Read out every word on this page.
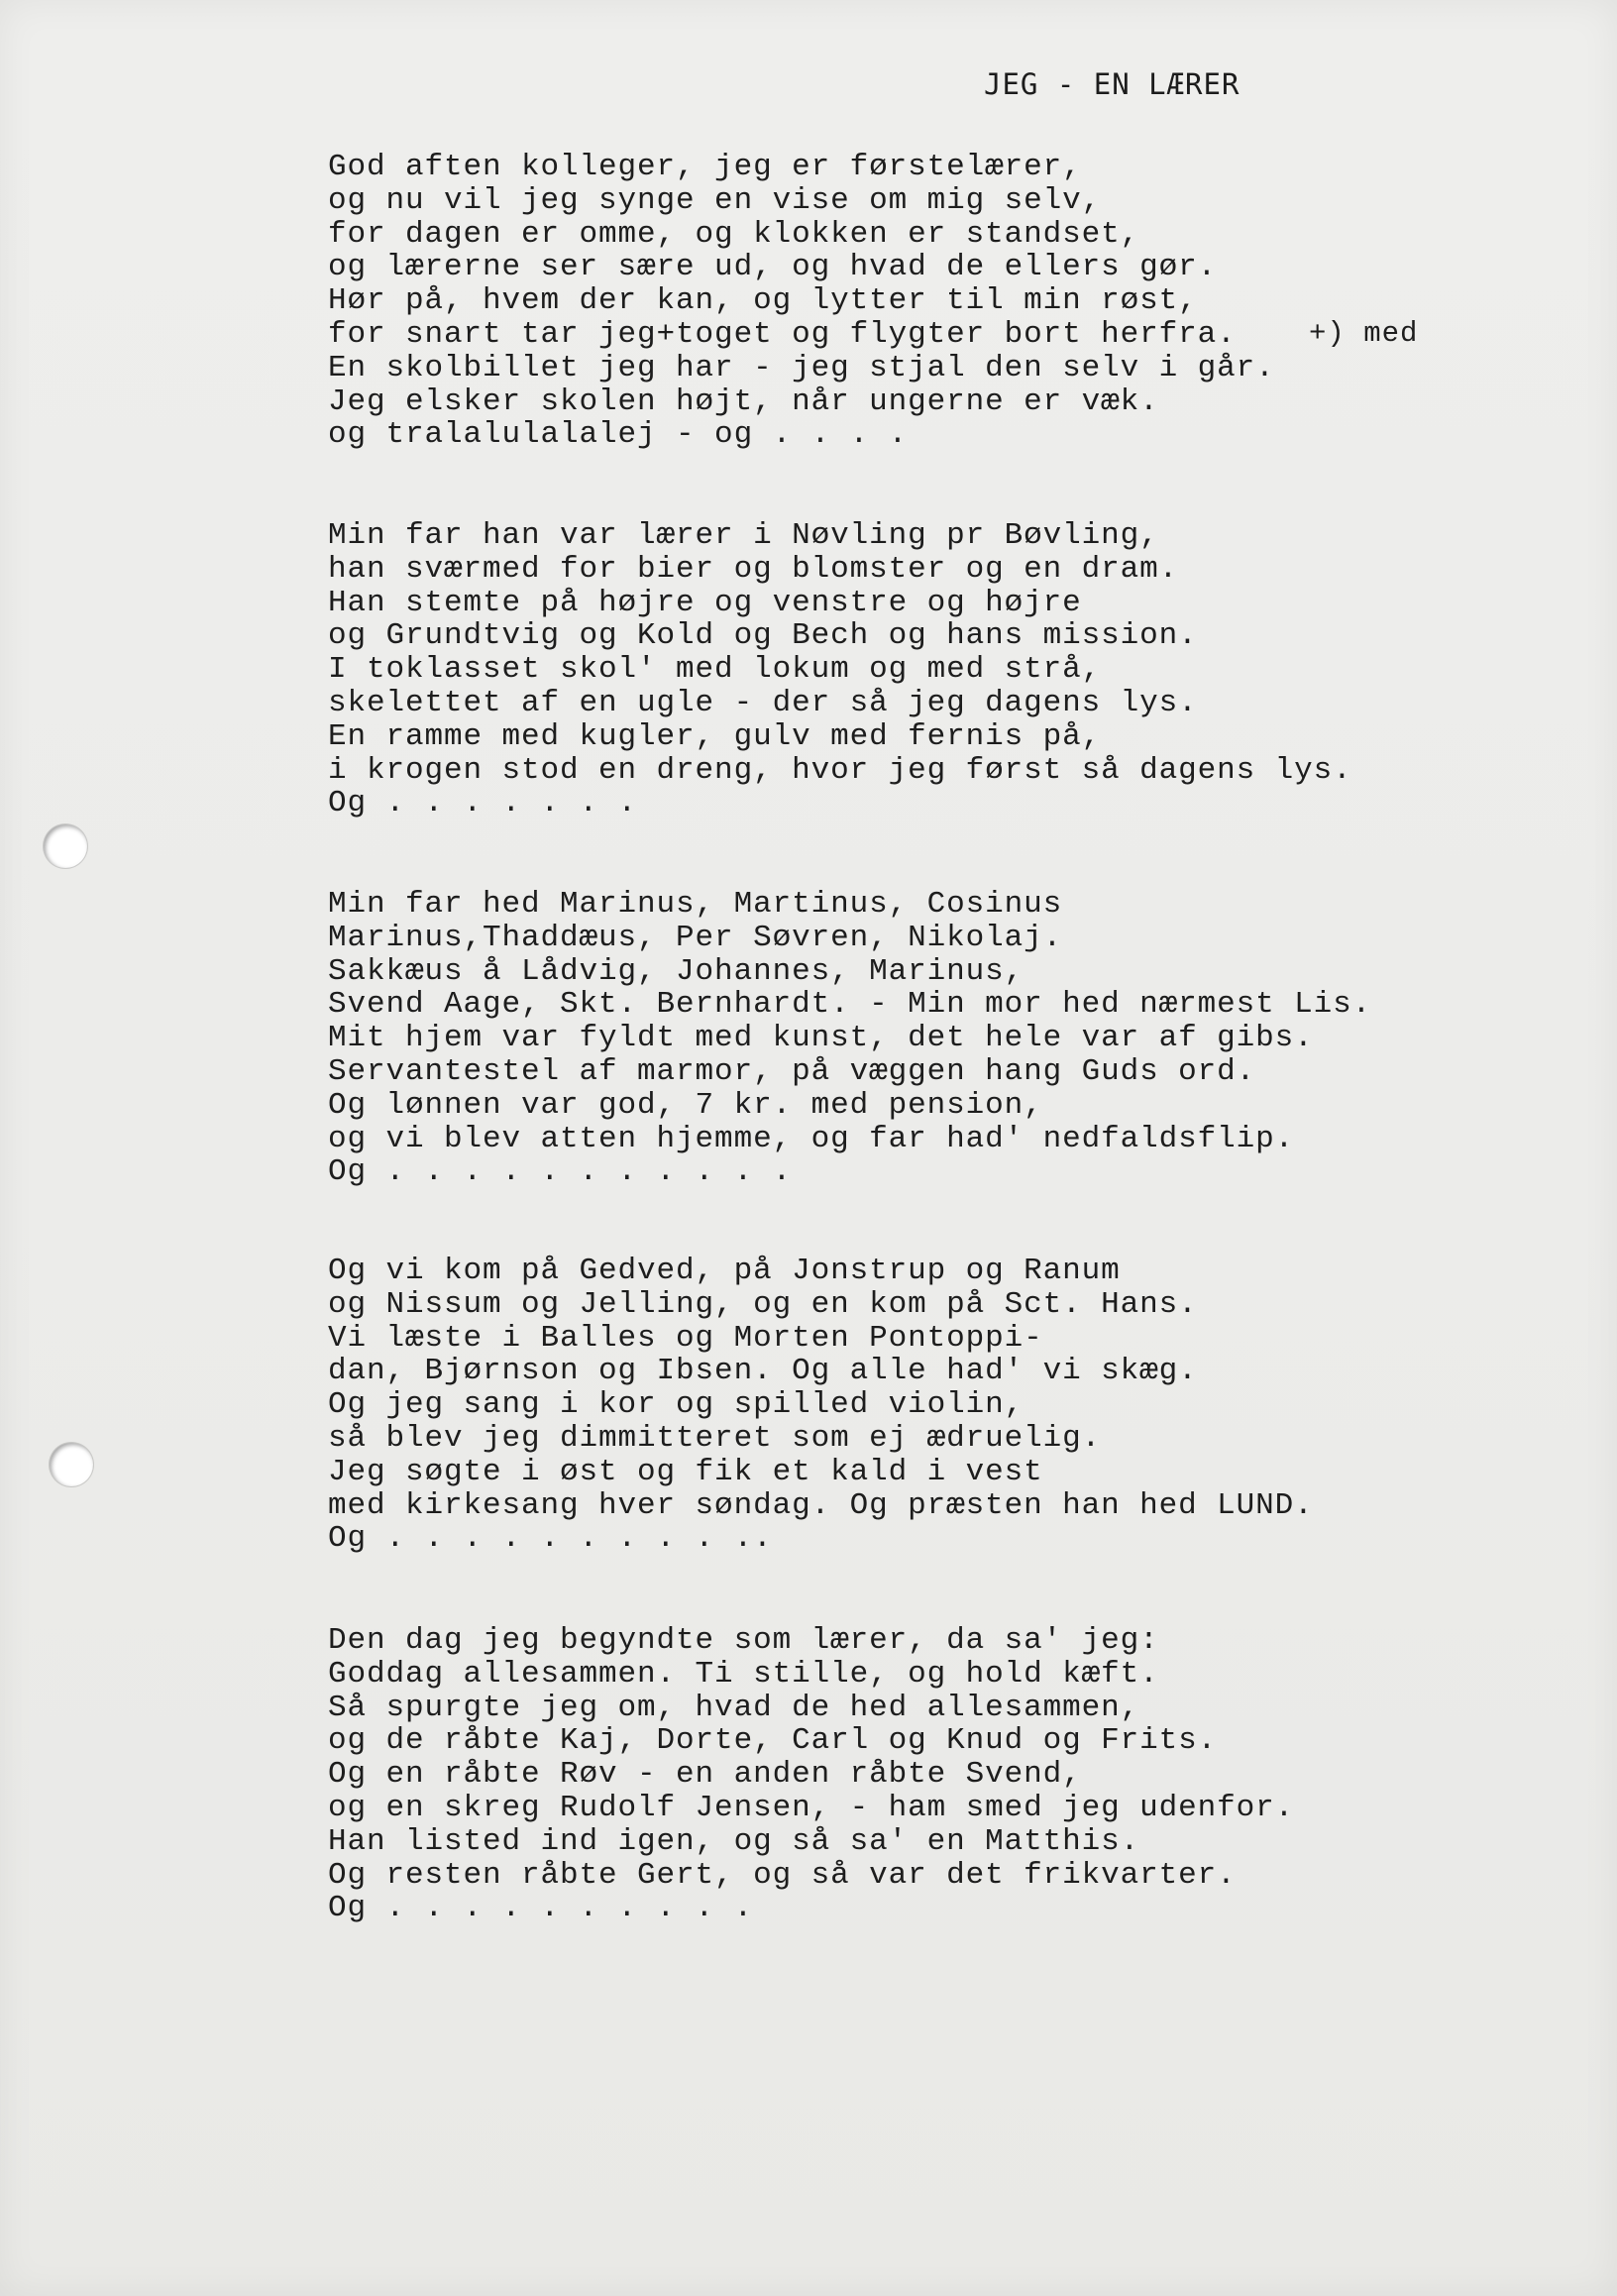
JEG - EN LÆRER
+) med
God aften kolleger, jeg er førstelærer,
og nu vil jeg synge en vise om mig selv,
for dagen er omme, og klokken er standset,
og lærerne ser sære ud, og hvad de ellers gør.
Hør på, hvem der kan, og lytter til min røst,
for snart tar jeg+toget og flygter bort herfra.
En skolbillet jeg har - jeg stjal den selv i går.
Jeg elsker skolen højt, når ungerne er væk.
og tralalulalalej - og . . . .
Min far han var lærer i Nøvling pr Bøvling,
han sværmed for bier og blomster og en dram.
Han stemte på højre og venstre og højre
og Grundtvig og Kold og Bech og hans mission.
I toklasset skol' med lokum og med strå,
skelettet af en ugle - der så jeg dagens lys.
En ramme med kugler, gulv med fernis på,
i krogen stod en dreng, hvor jeg først så dagens lys.
Og . . . . . . .
Min far hed Marinus, Martinus, Cosinus
Marinus,Thaddæus, Per Søvren, Nikolaj.
Sakkæus å Lådvig, Johannes, Marinus,
Svend Aage, Skt. Bernhardt. - Min mor hed nærmest Lis.
Mit hjem var fyldt med kunst, det hele var af gibs.
Servantestel af marmor, på væggen hang Guds ord.
Og lønnen var god, 7 kr. med pension,
og vi blev atten hjemme, og far had' nedfaldsflip.
Og . . . . . . . . . . .
Og vi kom på Gedved, på Jonstrup og Ranum
og Nissum og Jelling, og en kom på Sct. Hans.
Vi læste i Balles og Morten Pontoppi-
dan, Bjørnson og Ibsen. Og alle had' vi skæg.
Og jeg sang i kor og spilled violin,
så blev jeg dimmitteret som ej ædruelig.
Jeg søgte i øst og fik et kald i vest
med kirkesang hver søndag. Og præsten han hed LUND.
Og . . . . . . . . . ..
Den dag jeg begyndte som lærer, da sa' jeg:
Goddag allesammen. Ti stille, og hold kæft.
Så spurgte jeg om, hvad de hed allesammen,
og de råbte Kaj, Dorte, Carl og Knud og Frits.
Og en råbte Røv - en anden råbte Svend,
og en skreg Rudolf Jensen, - ham smed jeg udenfor.
Han listed ind igen, og så sa' en Matthis.
Og resten råbte Gert, og så var det frikvarter.
Og . . . . . . . . . .
